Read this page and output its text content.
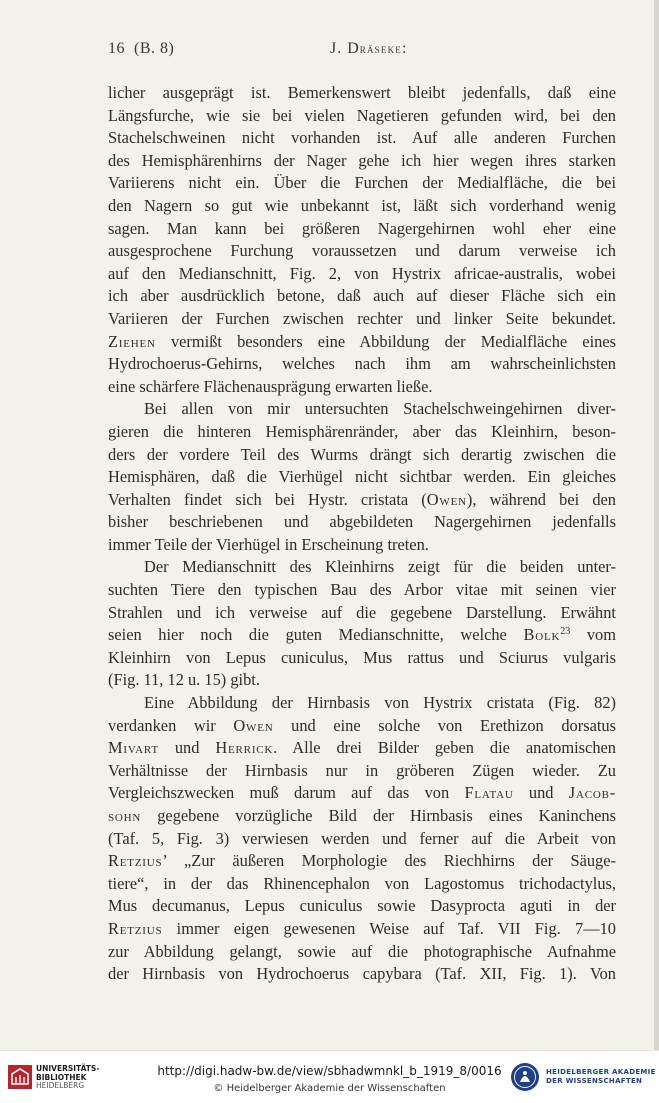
16 (B. 8)	J. Dräseke:
licher ausgeprägt ist. Bemerkenswert bleibt jedenfalls, daß eine
Längsfurche, wie sie bei vielen Nagetieren gefunden wird, bei den
Stachelschweinen nicht vorhanden ist. Auf alle anderen Furchen
des Hemisphärenhirns der Nager gehe ich hier wegen ihres starken
Variierens nicht ein. Über die Furchen der Medialfläche, die bei
den Nagern so gut wie unbekannt ist, läßt sich vorderhand wenig
sagen. Man kann bei größeren Nagergehirnen wohl eher eine
ausgesprochene Furchung voraussetzen und darum verweise ich
auf den Medianschnitt, Fig. 2, von Hystrix africae-australis, wobei
ich aber ausdrücklich betone, daß auch auf dieser Fläche sich ein
Variieren der Furchen zwischen rechter und linker Seite bekundet.
Ziehen vermißt besonders eine Abbildung der Medialfläche eines
Hydrochoerus-Gehirns, welches nach ihm am wahrscheinlichsten
eine schärfere Flächenausprägung erwarten ließe.
Bei allen von mir untersuchten Stachelschweingehirnen diver-
gieren die hinteren Hemisphärenränder, aber das Kleinhirn, beson-
ders der vordere Teil des Wurms drängt sich derartig zwischen die
Hemisphären, daß die Vierhügel nicht sichtbar werden. Ein gleiches
Verhalten findet sich bei Hystr. cristata (Owen), während bei den
bisher beschriebenen und abgebildeten Nagergehirnen jedenfalls
immer Teile der Vierhügel in Erscheinung treten.
Der Medianschnitt des Kleinhirns zeigt für die beiden unter-
suchten Tiere den typischen Bau des Arbor vitae mit seinen vier
Strahlen und ich verweise auf die gegebene Darstellung. Erwähnt
seien hier noch die guten Medianschnitte, welche Bolk$^{23}$ vom
Kleinhirn von Lepus cuniculus, Mus rattus und Sciurus vulgaris
(Fig. 11, 12 u. 15) gibt.
Eine Abbildung der Hirnbasis von Hystrix cristata (Fig. 82)
verdanken wir Owen und eine solche von Erethizon dorsatus
Mivart und Herrick. Alle drei Bilder geben die anatomischen
Verhältnisse der Hirnbasis nur in gröberen Zügen wieder. Zu
Vergleichszwecken muß darum auf das von Flatau und Jacob-
sohn gegebene vorzügliche Bild der Hirnbasis eines Kaninchens
(Taf. 5, Fig. 3) verwiesen werden und ferner auf die Arbeit von
Retzius’ „Zur äußeren Morphologie des Riechhirns der Säuge-
tiere“, in der das Rhinencephalon von Lagostomus trichodactylus,
Mus decumanus, Lepus cuniculus sowie Dasyprocta aguti in der
Retzius immer eigen gewesenen Weise auf Taf. VII Fig. 7—10
zur Abbildung gelangt, sowie auf die photographische Aufnahme
der Hirnbasis von Hydrochoerus capybara (Taf. XII, Fig. 1). Von
UNIVERSITÄTS-
BIBLIOTHEK
HEIDELBERG
http://digi.hadw-bw.de/view/sbhadwmnkl_b_1919_8/0016
© Heidelberger Akademie der Wissenschaften
HEIDELBERGER AKADEMIE
DER WISSENSCHAFTEN
